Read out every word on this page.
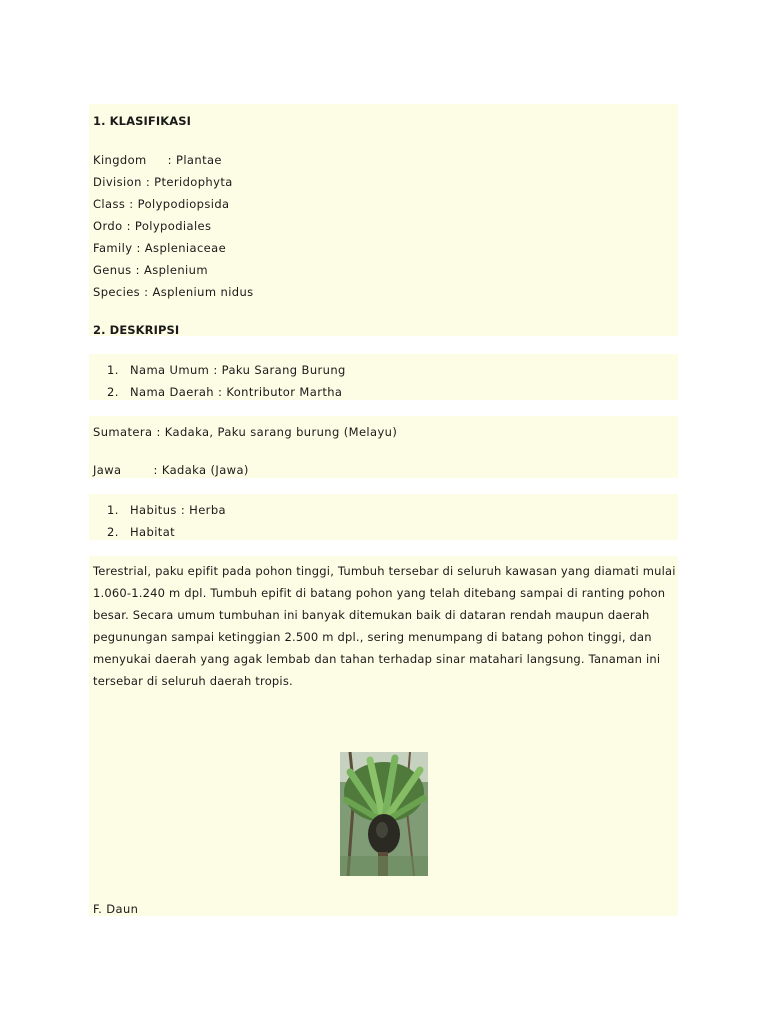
1. KLASIFIKASI
Kingdom : Plantae
Division : Pteridophyta
Class : Polypodiopsida
Ordo : Polypodiales
Family : Aspleniaceae
Genus : Asplenium
Species : Asplenium nidus
2. DESKRIPSI
1. Nama Umum : Paku Sarang Burung
2. Nama Daerah : Kontributor Martha
Sumatera : Kadaka, Paku sarang burung (Melayu)
Jawa	: Kadaka (Jawa)
1. Habitus : Herba
2. Habitat
Terestrial, paku epifit pada pohon tinggi, Tumbuh tersebar di seluruh kawasan yang diamati mulai
1.060-1.240 m dpl. Tumbuh epifit di batang pohon yang telah ditebang sampai di ranting pohon
besar. Secara umum tumbuhan ini banyak ditemukan baik di dataran rendah maupun daerah
pegunungan sampai ketinggian 2.500 m dpl., sering menumpang di batang pohon tinggi, dan
menyukai daerah yang agak lembab dan tahan terhadap sinar matahari langsung. Tanaman ini
tersebar di seluruh daerah tropis.
F. Daun
